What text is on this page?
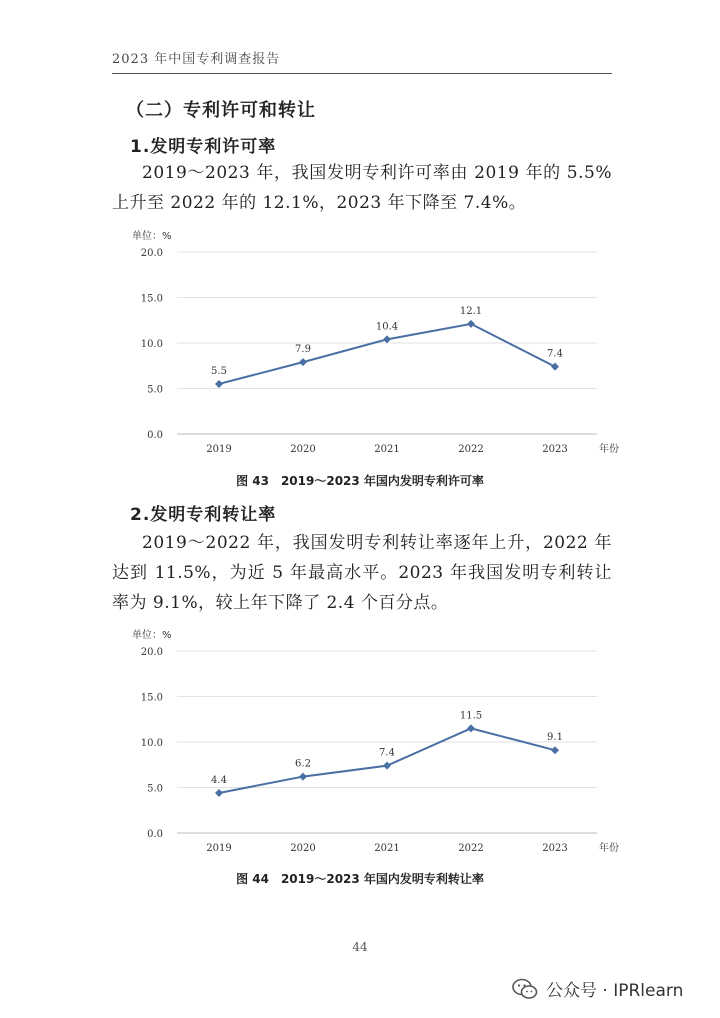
2023 年中国专利调查报告
（二）专利许可和转让
1.发明专利许可率
2019～2023 年，我国发明专利许可率由 2019 年的 5.5%上升至 2022 年的 12.1%，2023 年下降至 7.4%。
单位：%
0.0
5.0
10.0
15.0
20.0
2019	2020	2021	2022	2023	年份
5.5
7.9
10.4
12.1
7.4
图 43　2019～2023 年国内发明专利许可率
2.发明专利转让率
2019～2022 年，我国发明专利转让率逐年上升，2022 年达到 11.5%，为近 5 年最高水平。2023 年我国发明专利转让率为 9.1%，较上年下降了 2.4 个百分点。
单位：%
0.0
5.0
10.0
15.0
20.0
2019	2020	2021	2022	2023	年份
4.4
6.2
7.4
11.5
9.1
图 44　2019～2023 年国内发明专利转让率
44
公众号 · IPRlearn
